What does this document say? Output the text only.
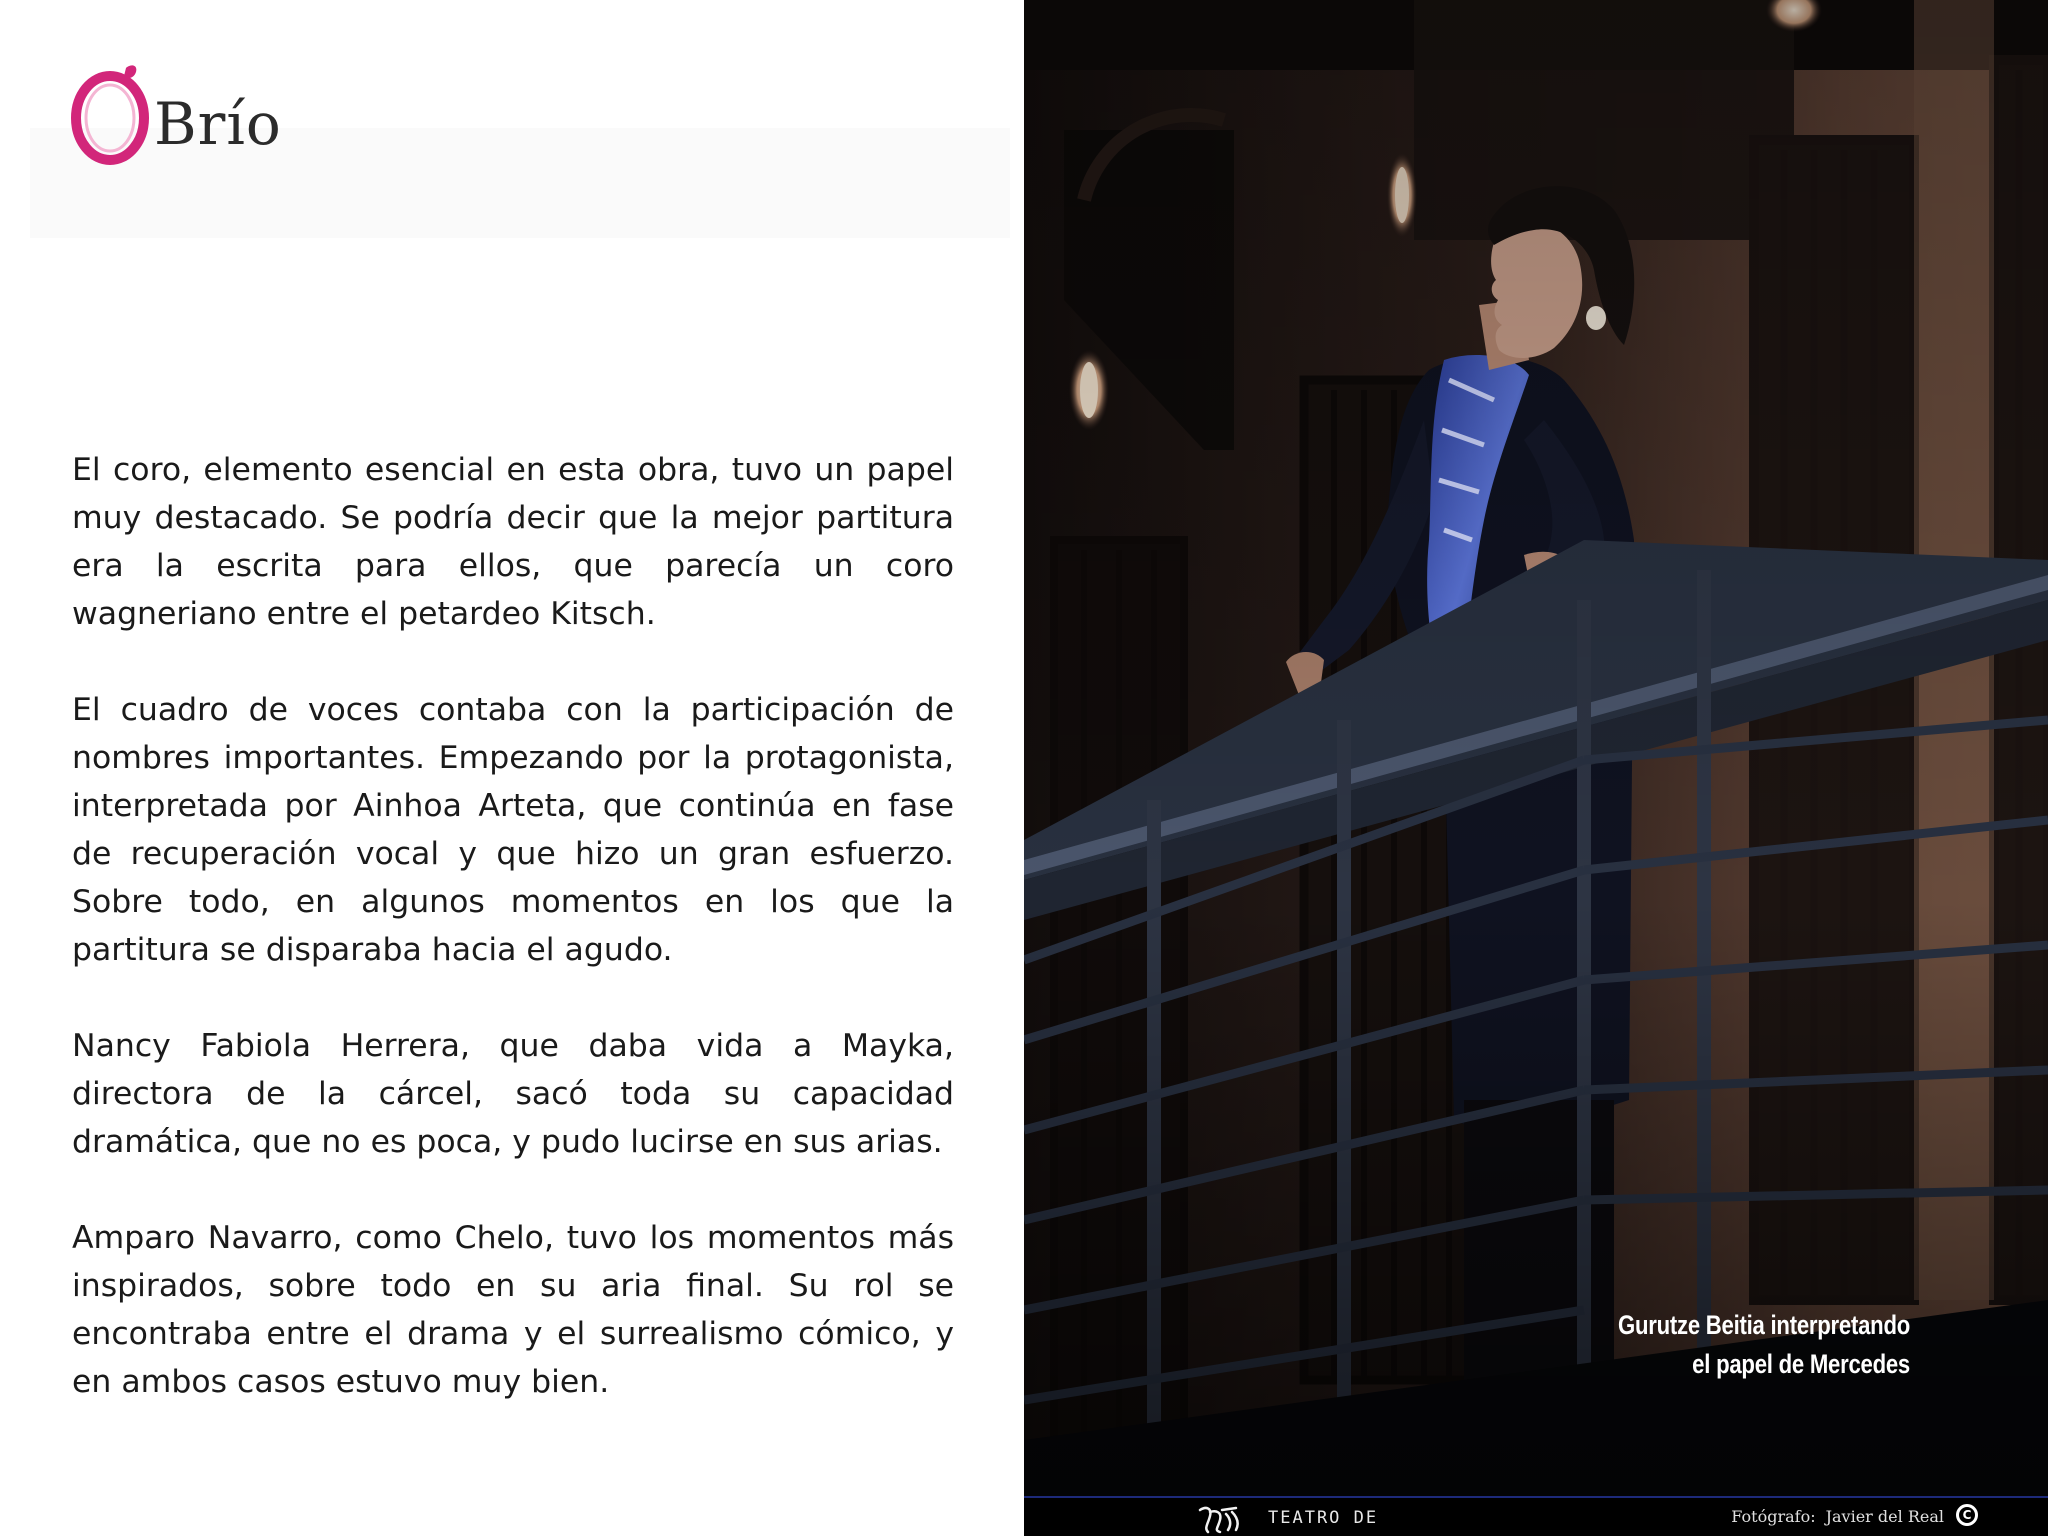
Brío

El coro, elemento esencial en esta obra, tuvo un papel muy destacado. Se podría decir que la mejor partitura era la escrita para ellos, que parecía un coro wagneriano entre el petardeo Kitsch.

El cuadro de voces contaba con la participación de nombres importantes. Empezando por la protagonista, interpretada por Ainhoa Arteta, que continúa en fase de recuperación vocal y que hizo un gran esfuerzo. Sobre todo, en algunos momentos en los que la partitura se disparaba hacia el agudo.

Nancy Fabiola Herrera, que daba vida a Mayka, directora de la cárcel, sacó toda su capacidad dramática, que no es poca, y pudo lucirse en sus arias.

Amparo Navarro, como Chelo, tuvo los momentos más inspirados, sobre todo en su aria final. Su rol se encontraba entre el drama y el surrealismo cómico, y en ambos casos estuvo muy bien.

Gurutze Beitia interpretando
el papel de Mercedes
TEATRO DE	Fotógrafo: Javier del Real	C
